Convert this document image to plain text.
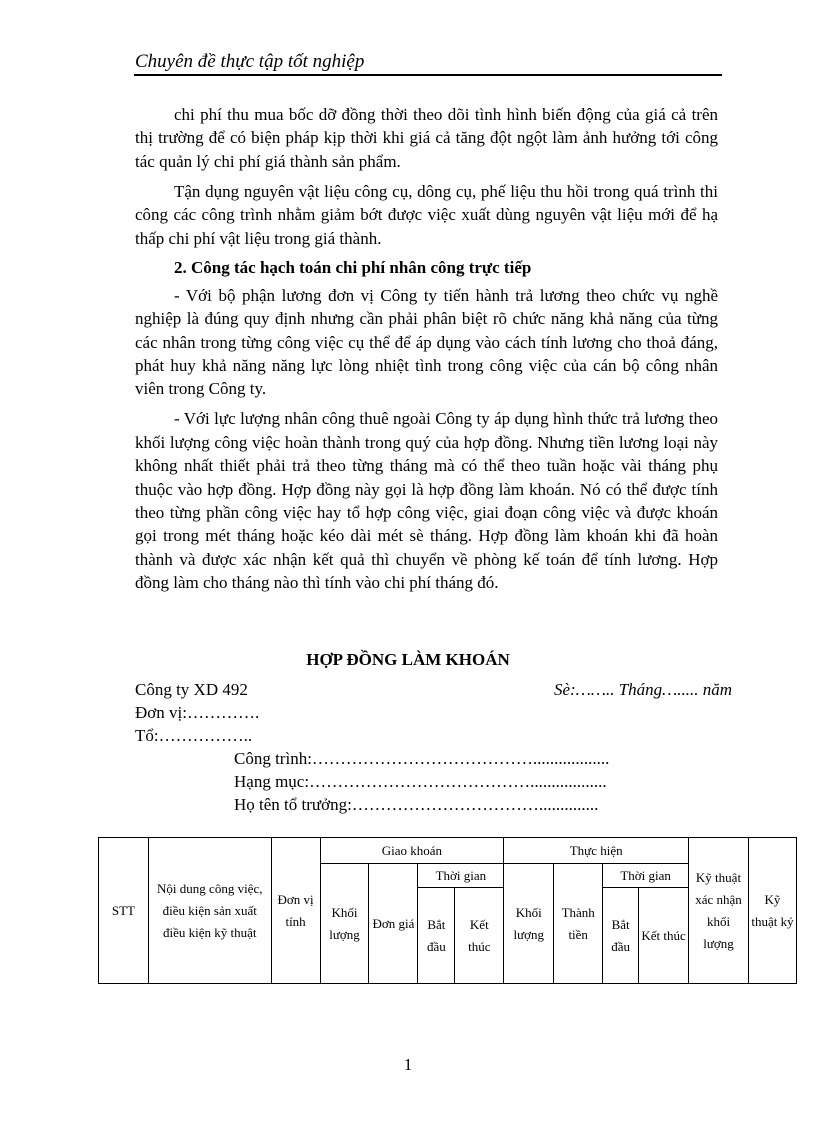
Chuyên đề thực tập tốt nghiệp

chi phí thu mua bốc dỡ đồng thời theo dõi tình hình biến động của giá cả trên thị trường để có biện pháp kịp thời khi giá cả tăng đột ngột làm ảnh hưởng tới công tác quản lý chi phí giá thành sản phẩm.

Tận dụng nguyên vật liệu công cụ, dông cụ, phế liệu thu hồi trong quá trình thi công các công trình nhằm giảm bớt được việc xuất dùng nguyên vật liệu mới để hạ thấp chi phí vật liệu trong giá thành.

2. Công tác hạch toán chi phí nhân công trực tiếp

- Với bộ phận lương đơn vị Công ty tiến hành trả lương theo chức vụ nghề nghiệp là đúng quy định nhưng cần phải phân biệt rõ chức năng khả năng của từng các nhân trong từng công việc cụ thể để áp dụng vào cách tính lương cho thoả đáng, phát huy khả năng năng lực lòng nhiệt tình trong công việc của cán bộ công nhân viên trong Công ty.

- Với lực lượng nhân công thuê ngoài Công ty áp dụng hình thức trả lương theo khối lượng công việc hoàn thành trong quý của hợp đồng. Nhưng tiền lương loại này không nhất thiết phải trả theo từng tháng mà có thể theo tuần hoặc vài tháng phụ thuộc vào hợp đồng. Hợp đồng này gọi là hợp đồng làm khoán. Nó có thể được tính theo từng phần công việc hay tổ hợp công việc, giai đoạn công việc và được khoán gọi trong mét tháng hoặc kéo dài mét sè tháng. Hợp đồng làm khoán khi đã hoàn thành và được xác nhận kết quả thì chuyển về phòng kế toán để tính lương. Hợp đồng làm cho tháng nào thì tính vào chi phí tháng đó.

HỢP ĐỒNG LÀM KHOÁN
Công ty XD 492	Sè:…….. Tháng…..... năm
Đơn vị:………….
Tổ:……………..
Công trình:…………………………………..................
Hạng mục:…………………………………..................
Họ tên tổ trưởng:……………………………..............
STT	Nội dung công việc, điều kiện sản xuất điều kiện kỹ thuật	Đơn vị tính	Giao khoán				Thực hiện				Kỹ thuật xác nhận khối lượng	Kỹ thuật ký
			Khối lượng	Đơn giá	Thời gian		Khối lượng	Thành tiền	Thời gian			
					Bắt đầu	Kết thúc			Bắt đầu	Kết thúc		
1
